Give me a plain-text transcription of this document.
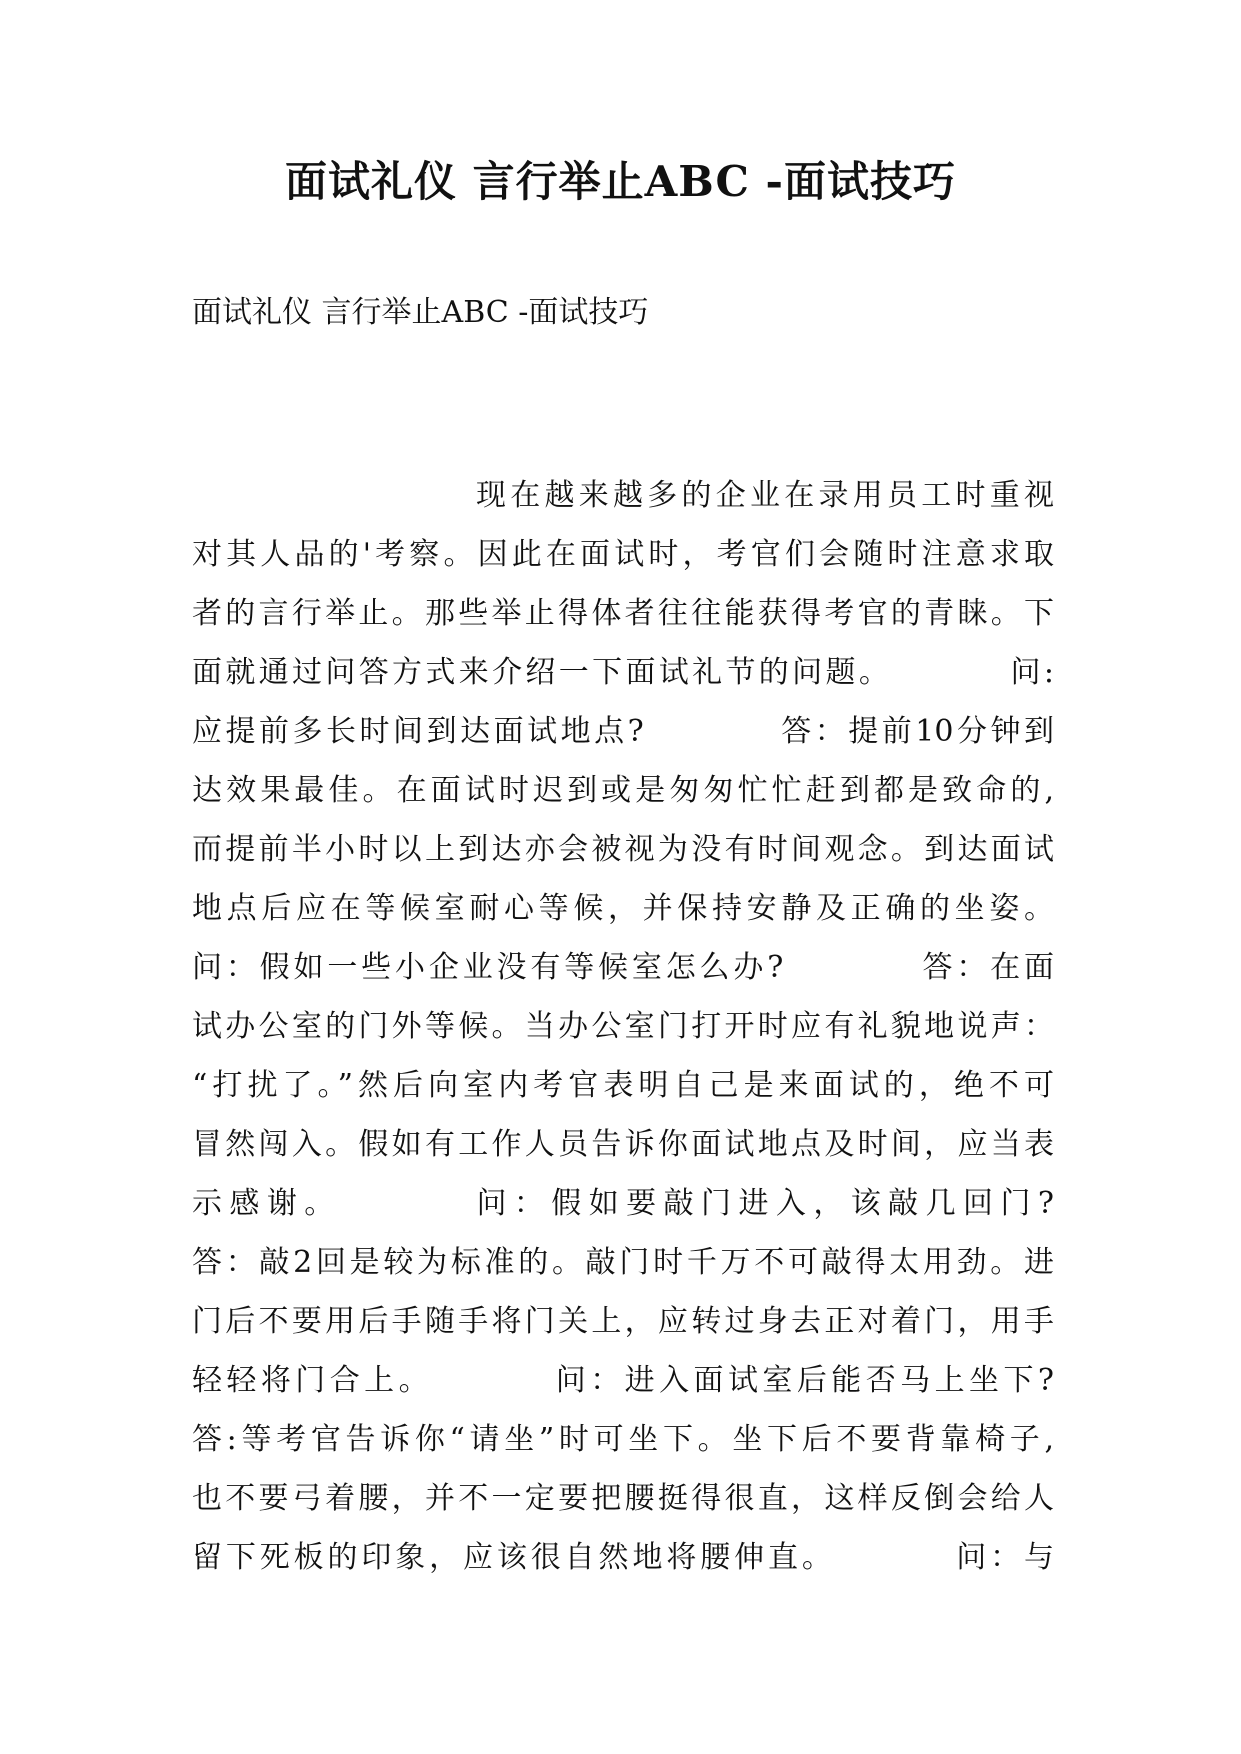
面试礼仪 言行举止ABC -面试技巧
面试礼仪 言行举止ABC -面试技巧
现在越来越多的企业在录用员工时重视
对其人品的'考察。因此在面试时，考官们会随时注意求取
者的言行举止。那些举止得体者往往能获得考官的青睐。下
面就通过问答方式来介绍一下面试礼节的问题。　　　　问:
应提前多长时间到达面试地点?　　　　答：提前10分钟到
达效果最佳。在面试时迟到或是匆匆忙忙赶到都是致命的,
而提前半小时以上到达亦会被视为没有时间观念。到达面试
地点后应在等候室耐心等候，并保持安静及正确的坐姿。
问：假如一些小企业没有等候室怎么办?　　　　答：在面
试办公室的门外等候。当办公室门打开时应有礼貌地说声：
“打扰了。”然后向室内考官表明自己是来面试的，绝不可
冒然闯入。假如有工作人员告诉你面试地点及时间，应当表
示感谢。　　　　问：假如要敲门进入，该敲几回门?
答：敲2回是较为标准的。敲门时千万不可敲得太用劲。进
门后不要用后手随手将门关上，应转过身去正对着门，用手
轻轻将门合上。　　　　问：进入面试室后能否马上坐下?
答:等考官告诉你“请坐”时可坐下。坐下后不要背靠椅子,
也不要弓着腰，并不一定要把腰挺得很直，这样反倒会给人
留下死板的印象，应该很自然地将腰伸直。　　　　问：与
